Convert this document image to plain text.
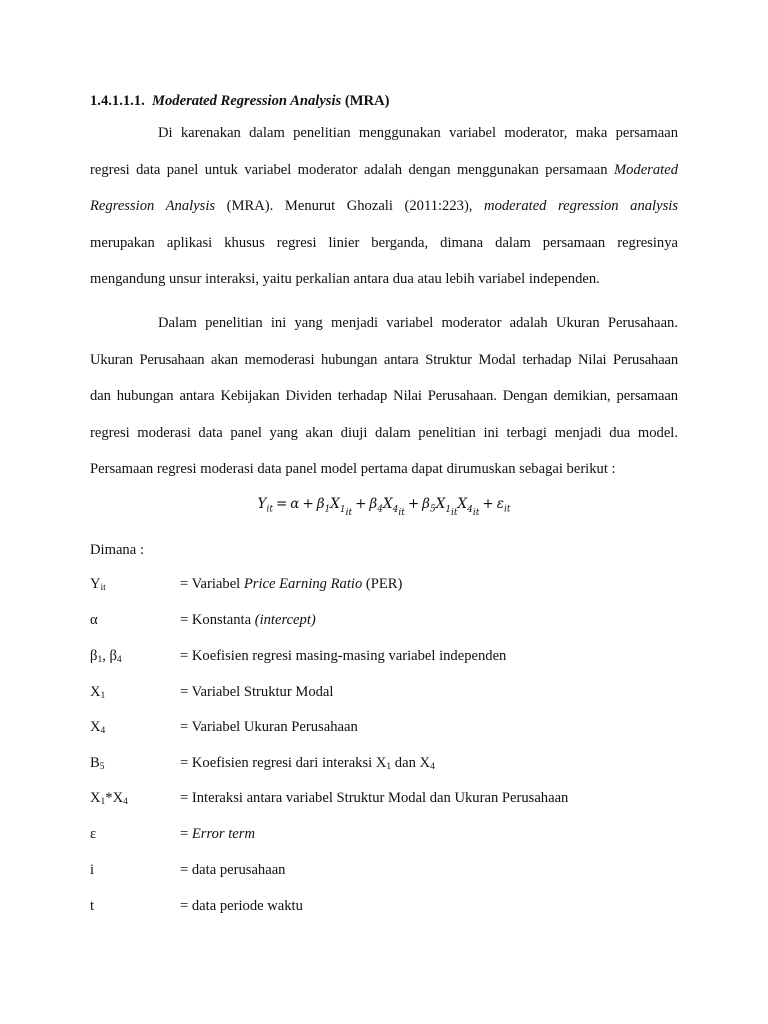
1.4.1.1.1. Moderated Regression Analysis (MRA)
Di karenakan dalam penelitian menggunakan variabel moderator, maka persamaan
regresi data panel untuk variabel moderator adalah dengan menggunakan persamaan Moderated
Regression Analysis (MRA). Menurut Ghozali (2011:223), moderated regression analysis
merupakan aplikasi khusus regresi linier berganda, dimana dalam persamaan regresinya
mengandung unsur interaksi, yaitu perkalian antara dua atau lebih variabel independen.
Dalam penelitian ini yang menjadi variabel moderator adalah Ukuran Perusahaan.
Ukuran Perusahaan akan memoderasi hubungan antara Struktur Modal terhadap Nilai Perusahaan
dan hubungan antara Kebijakan Dividen terhadap Nilai Perusahaan. Dengan demikian, persamaan
regresi moderasi data panel yang akan diuji dalam penelitian ini terbagi menjadi dua model.
Persamaan regresi moderasi data panel model pertama dapat dirumuskan sebagai berikut :
$Y_{it} = \alpha + \beta_1X_{1_{it}}+ \beta_4X_{4_{it}}+ \beta_5X_{1_{it}}X_{4_{it}}+ \varepsilon_{it}$
Dimana :
$Y_{it}$	= Variabel Price Earning Ratio (PER)
α	= Konstanta (intercept)
$\beta_1$, $\beta_4$	= Koefisien regresi masing-masing variabel independen
$X_1$	= Variabel Struktur Modal
$X_4$	= Variabel Ukuran Perusahaan
$B_5$	= Koefisien regresi dari interaksi $X_1$ dan $X_4$
$X_1*X_4$	= Interaksi antara variabel Struktur Modal dan Ukuran Perusahaan
ε	= Error term
i	= data perusahaan
t	= data periode waktu
